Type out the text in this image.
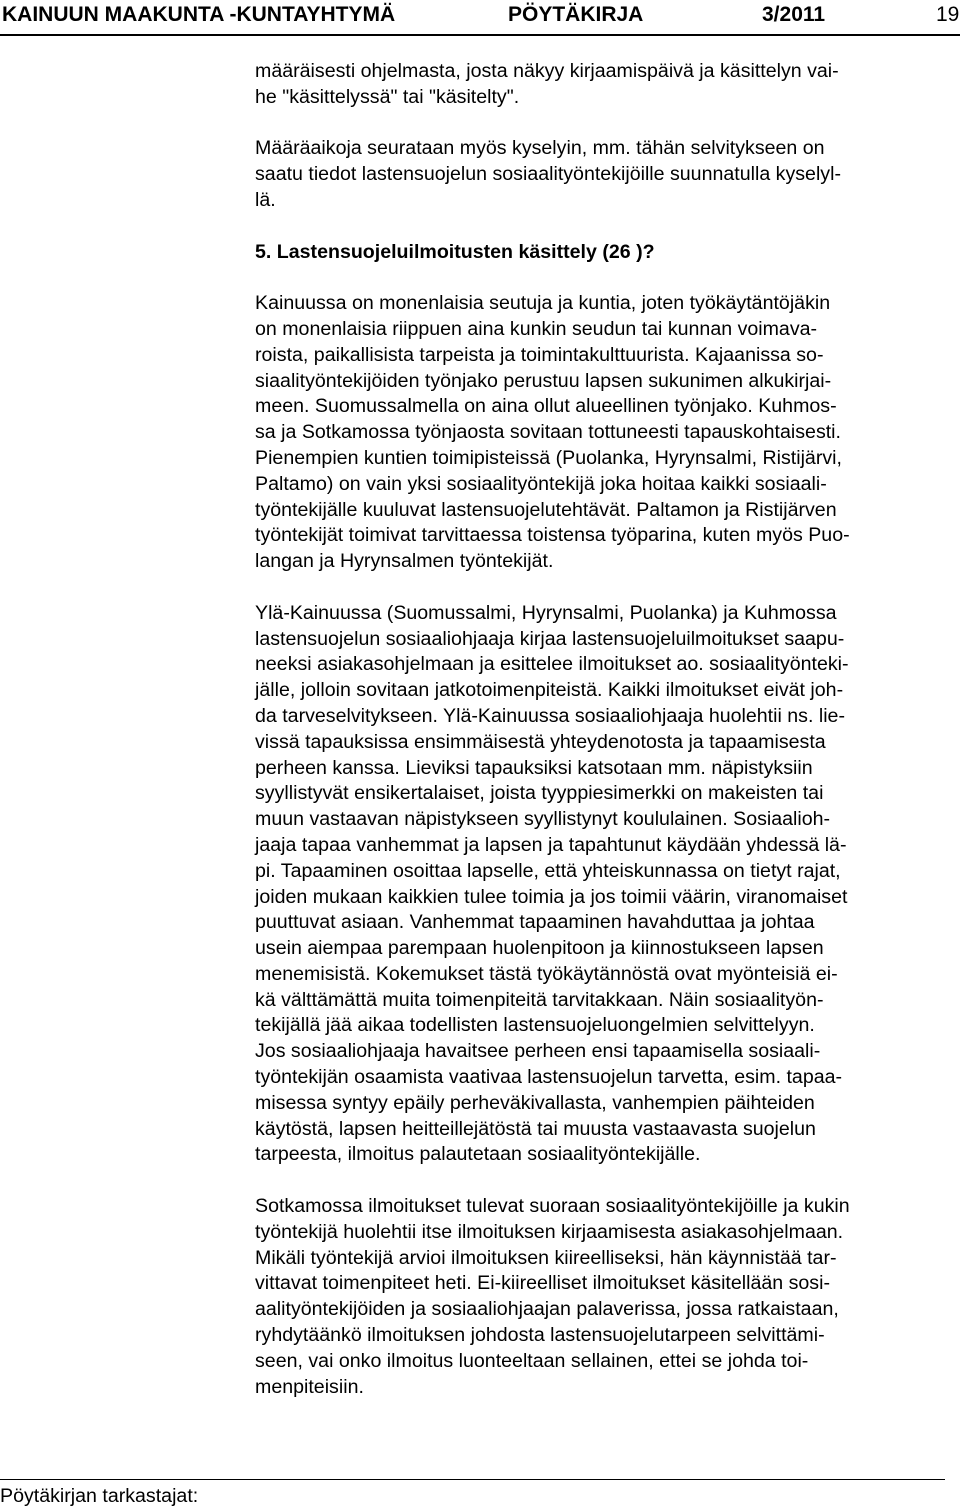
KAINUUN MAAKUNTA -KUNTAYHTYMÄ	PÖYTÄKIRJA	3/2011	19

määräisesti ohjelmasta, josta näkyy kirjaamispäivä ja käsittelyn vai-
he "käsittelyssä" tai "käsitelty".

Määräaikoja seurataan myös kyselyin, mm. tähän selvitykseen on
saatu tiedot lastensuojelun sosiaalityöntekijöille suunnatulla kyselyl-
lä.

5. Lastensuojeluilmoitusten käsittely (26 )?

Kainuussa on monenlaisia seutuja ja kuntia, joten työkäytäntöjäkin
on monenlaisia riippuen aina kunkin seudun tai kunnan voimava-
roista, paikallisista tarpeista ja toimintakulttuurista. Kajaanissa so-
siaalityöntekijöiden työnjako perustuu lapsen sukunimen alkukirjai-
meen. Suomussalmella on aina ollut alueellinen työnjako. Kuhmos-
sa ja Sotkamossa työnjaosta sovitaan tottuneesti tapauskohtaisesti.
Pienempien kuntien toimipisteissä (Puolanka, Hyrynsalmi, Ristijärvi,
Paltamo) on vain yksi sosiaalityöntekijä joka hoitaa kaikki sosiaali-
työntekijälle kuuluvat lastensuojelutehtävät. Paltamon ja Ristijärven
työntekijät toimivat tarvittaessa toistensa työparina, kuten myös Puo-
langan ja Hyrynsalmen työntekijät.

Ylä-Kainuussa (Suomussalmi, Hyrynsalmi, Puolanka) ja Kuhmossa
lastensuojelun sosiaaliohjaaja kirjaa lastensuojeluilmoitukset saapu-
neeksi asiakasohjelmaan ja esittelee ilmoitukset ao. sosiaalityönteki-
jälle, jolloin sovitaan jatkotoimenpiteistä. Kaikki ilmoitukset eivät joh-
da tarveselvitykseen. Ylä-Kainuussa sosiaaliohjaaja huolehtii ns. lie-
vissä tapauksissa ensimmäisestä yhteydenotosta ja tapaamisesta
perheen kanssa. Lieviksi tapauksiksi katsotaan mm. näpistyksiin
syyllistyvät ensikertalaiset, joista tyyppiesimerkki on makeisten tai
muun vastaavan näpistykseen syyllistynyt koululainen. Sosiaalioh-
jaaja tapaa vanhemmat ja lapsen ja tapahtunut käydään yhdessä lä-
pi. Tapaaminen osoittaa lapselle, että yhteiskunnassa on tietyt rajat,
joiden mukaan kaikkien tulee toimia ja jos toimii väärin, viranomaiset
puuttuvat asiaan. Vanhemmat tapaaminen havahduttaa ja johtaa
usein aiempaa parempaan huolenpitoon ja kiinnostukseen lapsen
menemisistä. Kokemukset tästä työkäytännöstä ovat myönteisiä ei-
kä välttämättä muita toimenpiteitä tarvitakkaan. Näin sosiaalityön-
tekijällä jää aikaa todellisten lastensuojeluongelmien selvittelyyn.
Jos sosiaaliohjaaja havaitsee perheen ensi tapaamisella sosiaali-
työntekijän osaamista vaativaa lastensuojelun tarvetta, esim. tapaa-
misessa syntyy epäily perheväkivallasta, vanhempien päihteiden
käytöstä, lapsen heitteillejätöstä tai muusta vastaavasta suojelun
tarpeesta, ilmoitus palautetaan sosiaalityöntekijälle.

Sotkamossa ilmoitukset tulevat suoraan sosiaalityöntekijöille ja kukin
työntekijä huolehtii itse ilmoituksen kirjaamisesta asiakasohjelmaan.
Mikäli työntekijä arvioi ilmoituksen kiireelliseksi, hän käynnistää tar-
vittavat toimenpiteet heti. Ei-kiireelliset ilmoitukset käsitellään sosi-
aalityöntekijöiden ja sosiaaliohjaajan palaverissa, jossa ratkaistaan,
ryhdytäänkö ilmoituksen johdosta lastensuojelutarpeen selvittämi-
seen, vai onko ilmoitus luonteeltaan sellainen, ettei se johda toi-
menpiteisiin.

Pöytäkirjan tarkastajat:
